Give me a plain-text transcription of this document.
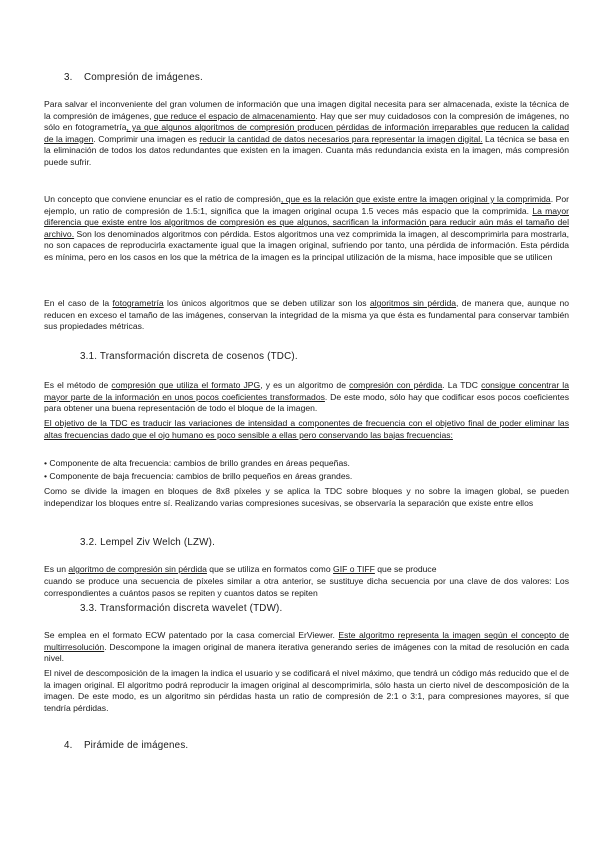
3. Compresión de imágenes.

Para salvar el inconveniente del gran volumen de información que una imagen digital necesita para ser almacenada, existe la técnica de la compresión de imágenes, que reduce el espacio de almacenamiento. Hay que ser muy cuidadosos con la compresión de imágenes, no sólo en fotogrametría, ya que algunos algoritmos de compresión producen pérdidas de información irreparables que reducen la calidad de la imagen. Comprimir una imagen es reducir la cantidad de datos necesarios para representar la imagen digital. La técnica se basa en la eliminación de todos los datos redundantes que existen en la imagen. Cuanta más redundancia exista en la imagen, más compresión puede sufrir.

Un concepto que conviene enunciar es el ratio de compresión, que es la relación que existe entre la imagen original y la comprimida. Por ejemplo, un ratio de compresión de 1.5:1, significa que la imagen original ocupa 1.5 veces más espacio que la comprimida. La mayor diferencia que existe entre los algoritmos de compresión es que algunos, sacrifican la información para reducir aún más el tamaño del archivo. Son los denominados algoritmos con pérdida. Estos algoritmos una vez comprimida la imagen, al descomprimirla para mostrarla, no son capaces de reproducirla exactamente igual que la imagen original, sufriendo por tanto, una pérdida de información. Esta pérdida es mínima, pero en los casos en los que la métrica de la imagen es la principal utilización de la misma, hace imposible que se utilicen

En el caso de la fotogrametría los únicos algoritmos que se deben utilizar son los algoritmos sin pérdida, de manera que, aunque no reducen en exceso el tamaño de las imágenes, conservan la integridad de la misma ya que ésta es fundamental para conservar también sus propiedades métricas.

3.1. Transformación discreta de cosenos (TDC).

Es el método de compresión que utiliza el formato JPG, y es un algoritmo de compresión con pérdida. La TDC consigue concentrar la mayor parte de la información en unos pocos coeficientes transformados. De este modo, sólo hay que codificar esos pocos coeficientes para obtener una buena representación de todo el bloque de la imagen.

El objetivo de la TDC es traducir las variaciones de intensidad a componentes de frecuencia con el objetivo final de poder eliminar las altas frecuencias dado que el ojo humano es poco sensible a ellas pero conservando las bajas frecuencias:

• Componente de alta frecuencia: cambios de brillo grandes en áreas pequeñas.
• Componente de baja frecuencia: cambios de brillo pequeños en áreas grandes.

Como se divide la imagen en bloques de 8x8 píxeles y se aplica la TDC sobre bloques y no sobre la imagen global, se pueden independizar los bloques entre sí. Realizando varias compresiones sucesivas, se observaría la separación que existe entre ellos

3.2. Lempel Ziv Welch (LZW).

Es un algoritmo de compresión sin pérdida que se utiliza en formatos como GIF o TIFF que se produce

cuando se produce una secuencia de píxeles similar a otra anterior, se sustituye dicha secuencia por una clave de dos valores: Los correspondientes a cuántos pasos se repiten y cuantos datos se repiten

3.3. Transformación discreta wavelet (TDW).

Se emplea en el formato ECW patentado por la casa comercial ErViewer. Este algoritmo representa la imagen según el concepto de multirresolución. Descompone la imagen original de manera iterativa generando series de imágenes con la mitad de resolución en cada nivel.

El nivel de descomposición de la imagen la indica el usuario y se codificará el nivel máximo, que tendrá un código más reducido que el de la imagen original. El algoritmo podrá reproducir la imagen original al descomprimirla, sólo hasta un cierto nivel de descomposición de la imagen. De este modo, es un algoritmo sin pérdidas hasta un ratio de compresión de 2:1 o 3:1, para compresiones mayores, sí que tendría pérdidas.

4. Pirámide de imágenes.
